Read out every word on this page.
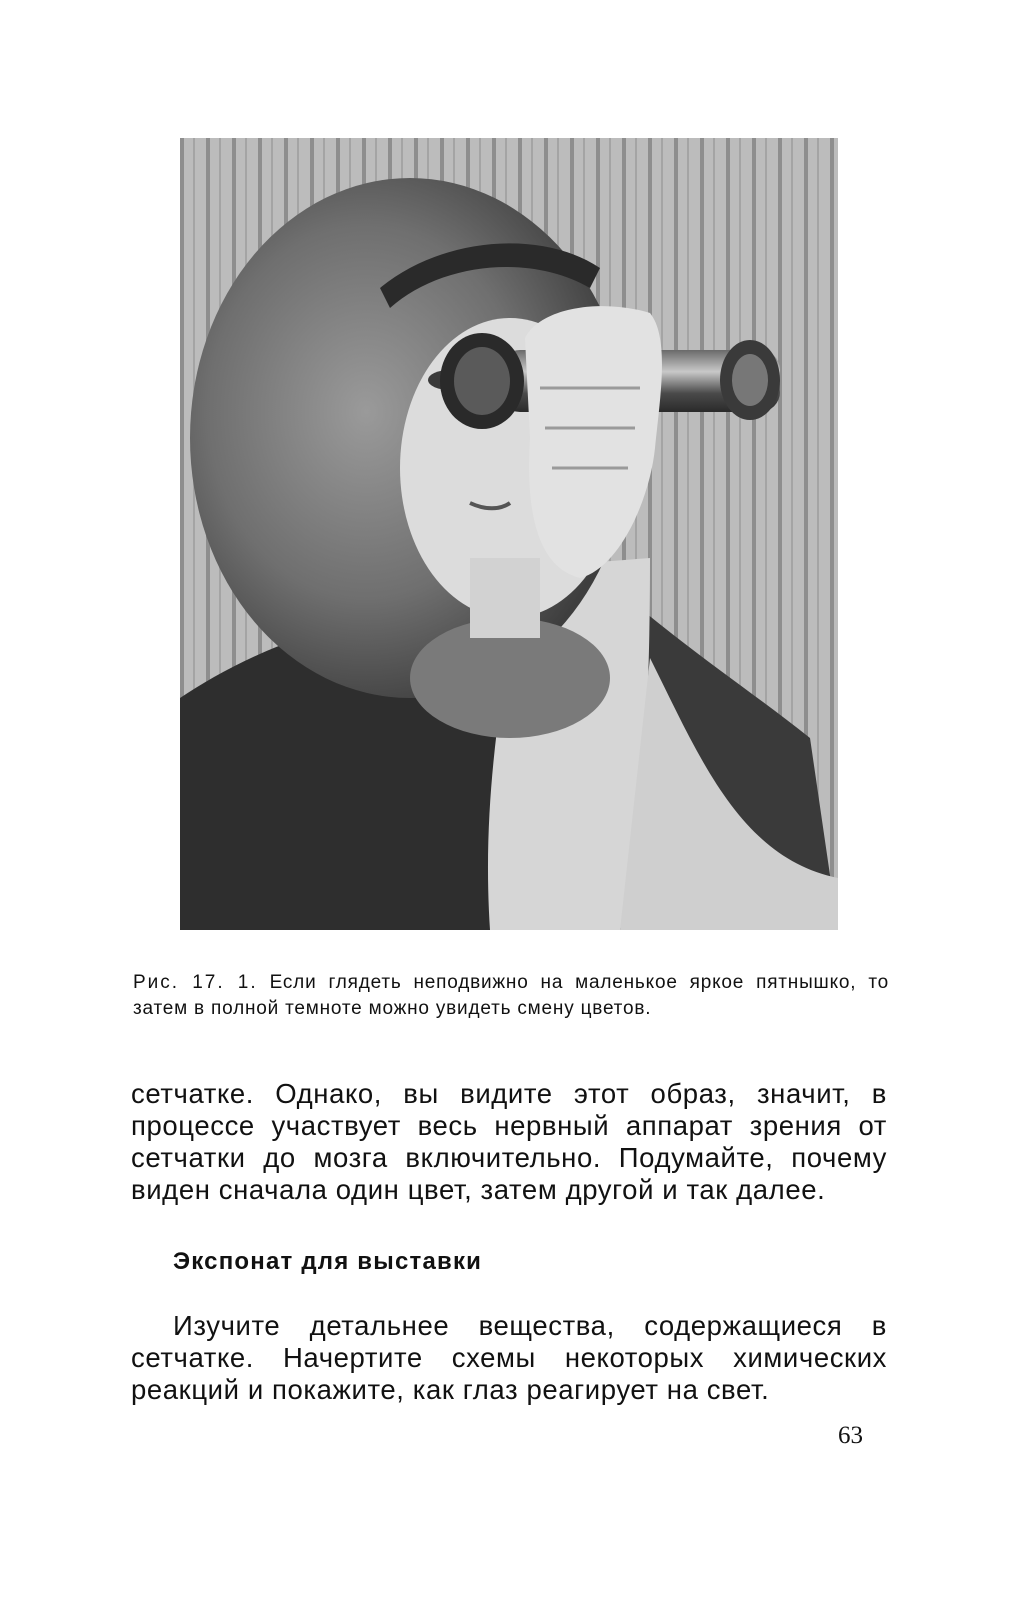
Рис. 17. 1. Если глядеть неподвижно на маленькое яркое пятнышко, то затем в полной темноте можно увидеть смену цветов.

сетчатке. Однако, вы видите этот образ, значит, в процессе участвует весь нервный аппарат зрения от сетчатки до мозга включительно. Подумайте, почему виден сначала один цвет, затем другой и так далее.

Экспонат для выставки

Изучите детальнее вещества, содержащиеся в сетчатке. Начертите схемы некоторых химических реакций и покажите, как глаз реагирует на свет.

63
